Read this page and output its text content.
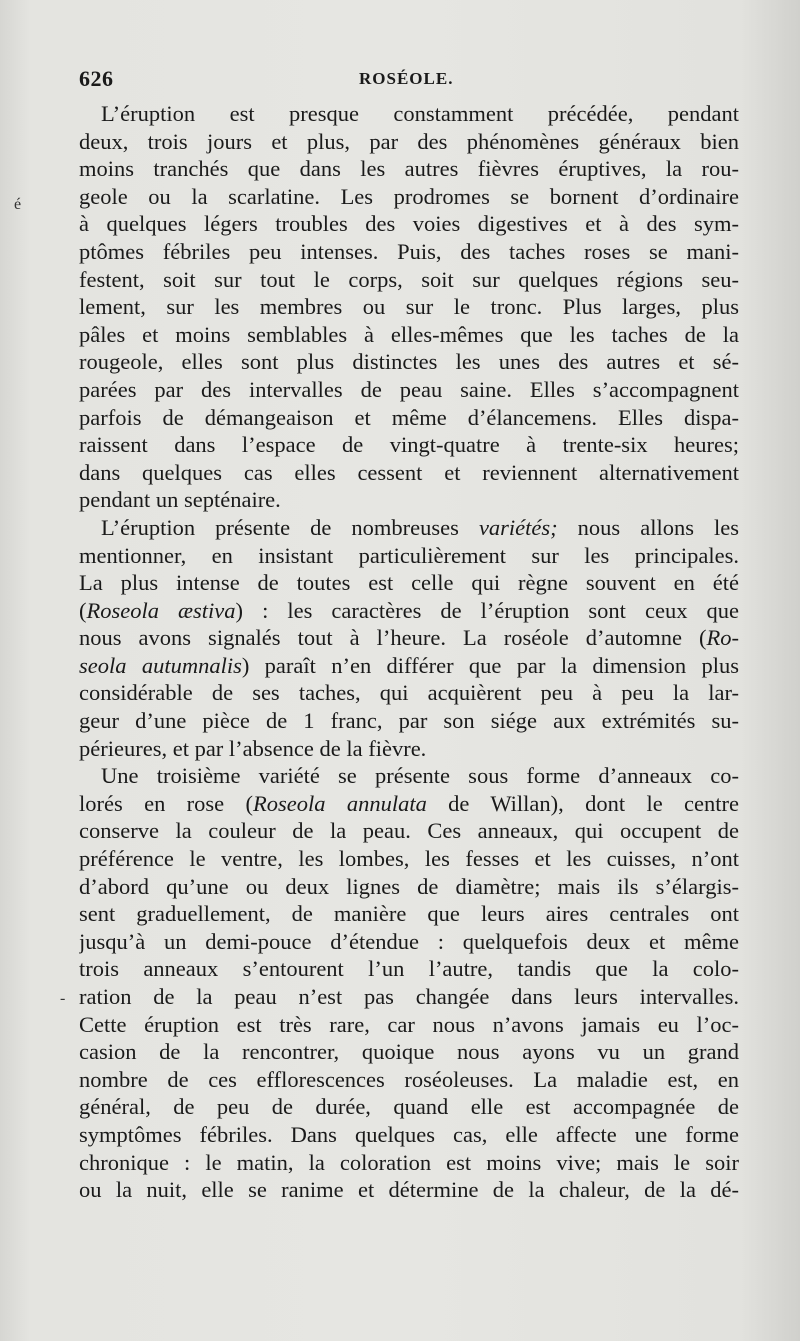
626	ROSÉOLE.
é
-
L’éruption est presque constamment précédée, pendant
deux, trois jours et plus, par des phénomènes généraux bien
moins tranchés que dans les autres fièvres éruptives, la rou-
geole ou la scarlatine. Les prodromes se bornent d’ordinaire
à quelques légers troubles des voies digestives et à des sym-
ptômes fébriles peu intenses. Puis, des taches roses se mani-
festent, soit sur tout le corps, soit sur quelques régions seu-
lement, sur les membres ou sur le tronc. Plus larges, plus
pâles et moins semblables à elles-mêmes que les taches de la
rougeole, elles sont plus distinctes les unes des autres et sé-
parées par des intervalles de peau saine. Elles s’accompagnent
parfois de démangeaison et même d’élancemens. Elles dispa-
raissent dans l’espace de vingt-quatre à trente-six heures;
dans quelques cas elles cessent et reviennent alternativement
pendant un septénaire.
L’éruption présente de nombreuses variétés; nous allons les
mentionner, en insistant particulièrement sur les principales.
La plus intense de toutes est celle qui règne souvent en été
(Roseola æstiva) : les caractères de l’éruption sont ceux que
nous avons signalés tout à l’heure. La roséole d’automne (Ro-
seola autumnalis) paraît n’en différer que par la dimension plus
considérable de ses taches, qui acquièrent peu à peu la lar-
geur d’une pièce de 1 franc, par son siége aux extrémités su-
périeures, et par l’absence de la fièvre.
Une troisième variété se présente sous forme d’anneaux co-
lorés en rose (Roseola annulata de Willan), dont le centre
conserve la couleur de la peau. Ces anneaux, qui occupent de
préférence le ventre, les lombes, les fesses et les cuisses, n’ont
d’abord qu’une ou deux lignes de diamètre; mais ils s’élargis-
sent graduellement, de manière que leurs aires centrales ont
jusqu’à un demi-pouce d’étendue : quelquefois deux et même
trois anneaux s’entourent l’un l’autre, tandis que la colo-
ration de la peau n’est pas changée dans leurs intervalles.
Cette éruption est très rare, car nous n’avons jamais eu l’oc-
casion de la rencontrer, quoique nous ayons vu un grand
nombre de ces efflorescences roséoleuses. La maladie est, en
général, de peu de durée, quand elle est accompagnée de
symptômes fébriles. Dans quelques cas, elle affecte une forme
chronique : le matin, la coloration est moins vive; mais le soir
ou la nuit, elle se ranime et détermine de la chaleur, de la dé-
